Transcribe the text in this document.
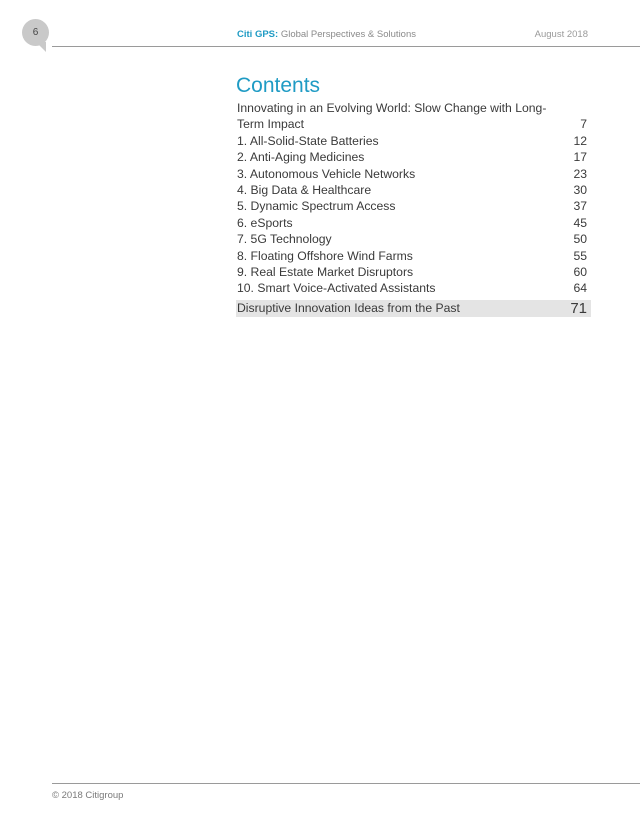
6	Citi GPS: Global Perspectives & Solutions	August 2018
Contents
Innovating in an Evolving World: Slow Change with Long-Term Impact	7
1. All-Solid-State Batteries	12
2. Anti-Aging Medicines	17
3. Autonomous Vehicle Networks	23
4. Big Data & Healthcare	30
5. Dynamic Spectrum Access	37
6. eSports	45
7. 5G Technology	50
8. Floating Offshore Wind Farms	55
9. Real Estate Market Disruptors	60
10. Smart Voice-Activated Assistants	64
Disruptive Innovation Ideas from the Past	71
© 2018 Citigroup
